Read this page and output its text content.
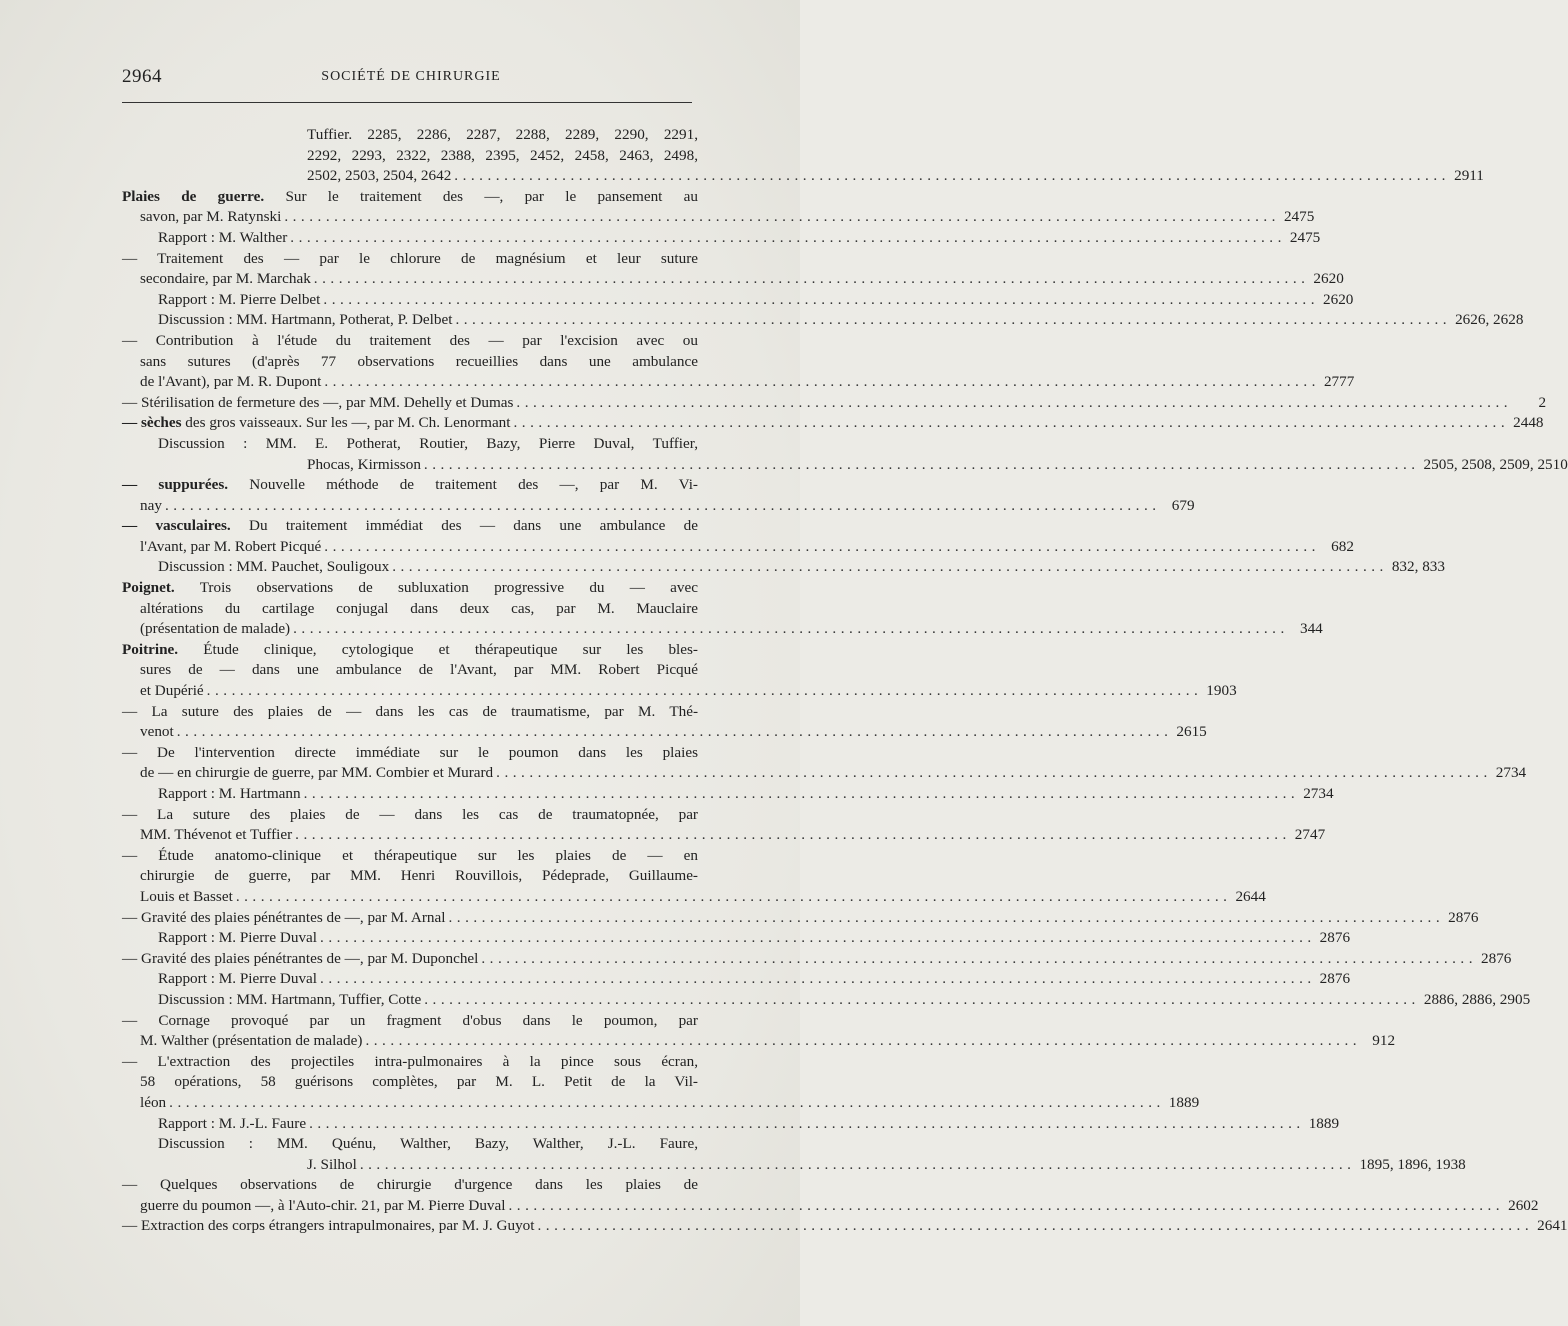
2964	SOCIÉTÉ DE CHIRURGIE
Tuffier. 2285, 2286, 2287, 2288, 2289, 2290, 2291,
2292, 2293, 2322, 2388, 2395, 2452, 2458, 2463, 2498,
2502, 2503, 2504, 2642 ........................................................................................................................ 2911
Plaies de guerre. Sur le traitement des —, par le pansement au
savon, par M. Ratynski ........................................................................................................................ 2475
Rapport : M. Walther ........................................................................................................................ 2475
— Traitement des — par le chlorure de magnésium et leur suture
secondaire, par M. Marchak ........................................................................................................................ 2620
Rapport : M. Pierre Delbet ........................................................................................................................ 2620
Discussion : MM. Hartmann, Potherat, P. Delbet ........................................................................................................................ 2626, 2628
— Contribution à l'étude du traitement des — par l'excision avec ou
sans sutures (d'après 77 observations recueillies dans une ambulance
de l'Avant), par M. R. Dupont ........................................................................................................................ 2777
— Stérilisation de fermeture des —, par MM. Dehelly et Dumas ........................................................................................................................	2
— sèches des gros vaisseaux. Sur les —, par M. Ch. Lenormant ........................................................................................................................ 2448
Discussion : MM. E. Potherat, Routier, Bazy, Pierre Duval, Tuffier,
Phocas, Kirmisson ........................................................................................................................ 2505, 2508, 2509, 2510
— suppurées. Nouvelle méthode de traitement des —, par M. Vi-
nay ........................................................................................................................ 679
— vasculaires. Du traitement immédiat des — dans une ambulance de
l'Avant, par M. Robert Picqué ........................................................................................................................ 682
Discussion : MM. Pauchet, Souligoux ........................................................................................................................ 832, 833
Poignet. Trois observations de subluxation progressive du — avec
altérations du cartilage conjugal dans deux cas, par M. Mauclaire
(présentation de malade) ........................................................................................................................ 344
Poitrine. Étude clinique, cytologique et thérapeutique sur les bles-
sures de — dans une ambulance de l'Avant, par MM. Robert Picqué
et Dupérié ........................................................................................................................ 1903
— La suture des plaies de — dans les cas de traumatisme, par M. Thé-
venot ........................................................................................................................ 2615
— De l'intervention directe immédiate sur le poumon dans les plaies
de — en chirurgie de guerre, par MM. Combier et Murard ........................................................................................................................ 2734
Rapport : M. Hartmann ........................................................................................................................ 2734
— La suture des plaies de — dans les cas de traumatopnée, par
MM. Thévenot et Tuffier ........................................................................................................................ 2747
— Étude anatomo-clinique et thérapeutique sur les plaies de — en
chirurgie de guerre, par MM. Henri Rouvillois, Pédeprade, Guillaume-
Louis et Basset ........................................................................................................................ 2644
— Gravité des plaies pénétrantes de —, par M. Arnal ........................................................................................................................ 2876
Rapport : M. Pierre Duval ........................................................................................................................ 2876
— Gravité des plaies pénétrantes de —, par M. Duponchel ........................................................................................................................ 2876
Rapport : M. Pierre Duval ........................................................................................................................ 2876
Discussion : MM. Hartmann, Tuffier, Cotte ........................................................................................................................ 2886, 2886, 2905
— Cornage provoqué par un fragment d'obus dans le poumon, par
M. Walther (présentation de malade) ........................................................................................................................ 912
— L'extraction des projectiles intra-pulmonaires à la pince sous écran,
58 opérations, 58 guérisons complètes, par M. L. Petit de la Vil-
léon ........................................................................................................................ 1889
Rapport : M. J.-L. Faure ........................................................................................................................ 1889
Discussion : MM. Quénu, Walther, Bazy, Walther, J.-L. Faure,
J. Silhol ........................................................................................................................ 1895, 1896, 1938
— Quelques observations de chirurgie d'urgence dans les plaies de
guerre du poumon —, à l'Auto-chir. 21, par M. Pierre Duval ........................................................................................................................ 2602
— Extraction des corps étrangers intrapulmonaires, par M. J. Guyot ........................................................................................................................ 2641
